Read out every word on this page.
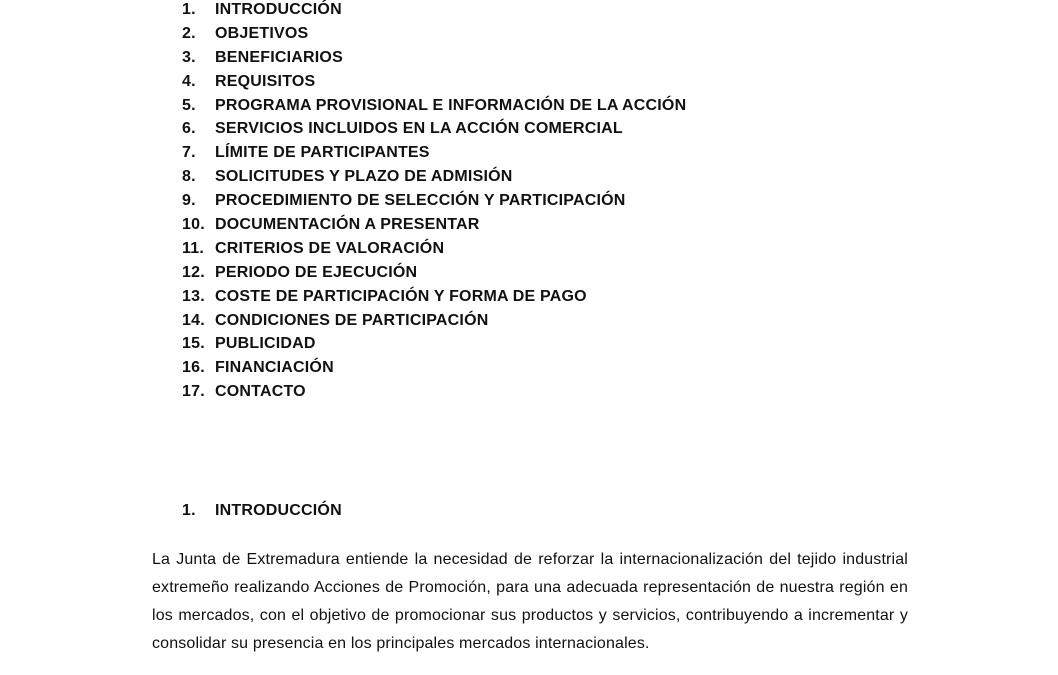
1.	INTRODUCCIÓN
2.	OBJETIVOS
3.	BENEFICIARIOS
4.	REQUISITOS
5.	PROGRAMA PROVISIONAL E INFORMACIÓN DE LA ACCIÓN
6.	SERVICIOS INCLUIDOS EN LA ACCIÓN COMERCIAL
7.	LÍMITE DE PARTICIPANTES
8.	SOLICITUDES Y PLAZO DE ADMISIÓN
9.	PROCEDIMIENTO DE SELECCIÓN Y PARTICIPACIÓN
10. DOCUMENTACIÓN A PRESENTAR
11. CRITERIOS DE VALORACIÓN
12. PERIODO DE EJECUCIÓN
13. COSTE DE PARTICIPACIÓN Y FORMA DE PAGO
14. CONDICIONES DE PARTICIPACIÓN
15. PUBLICIDAD
16. FINANCIACIÓN
17. CONTACTO
1.	INTRODUCCIÓN

La Junta de Extremadura entiende la necesidad de reforzar la internacionalización del tejido industrial extremeño realizando Acciones de Promoción, para una adecuada representación de nuestra región en los mercados, con el objetivo de promocionar sus productos y servicios, contribuyendo a incrementar y consolidar su presencia en los principales mercados internacionales.
